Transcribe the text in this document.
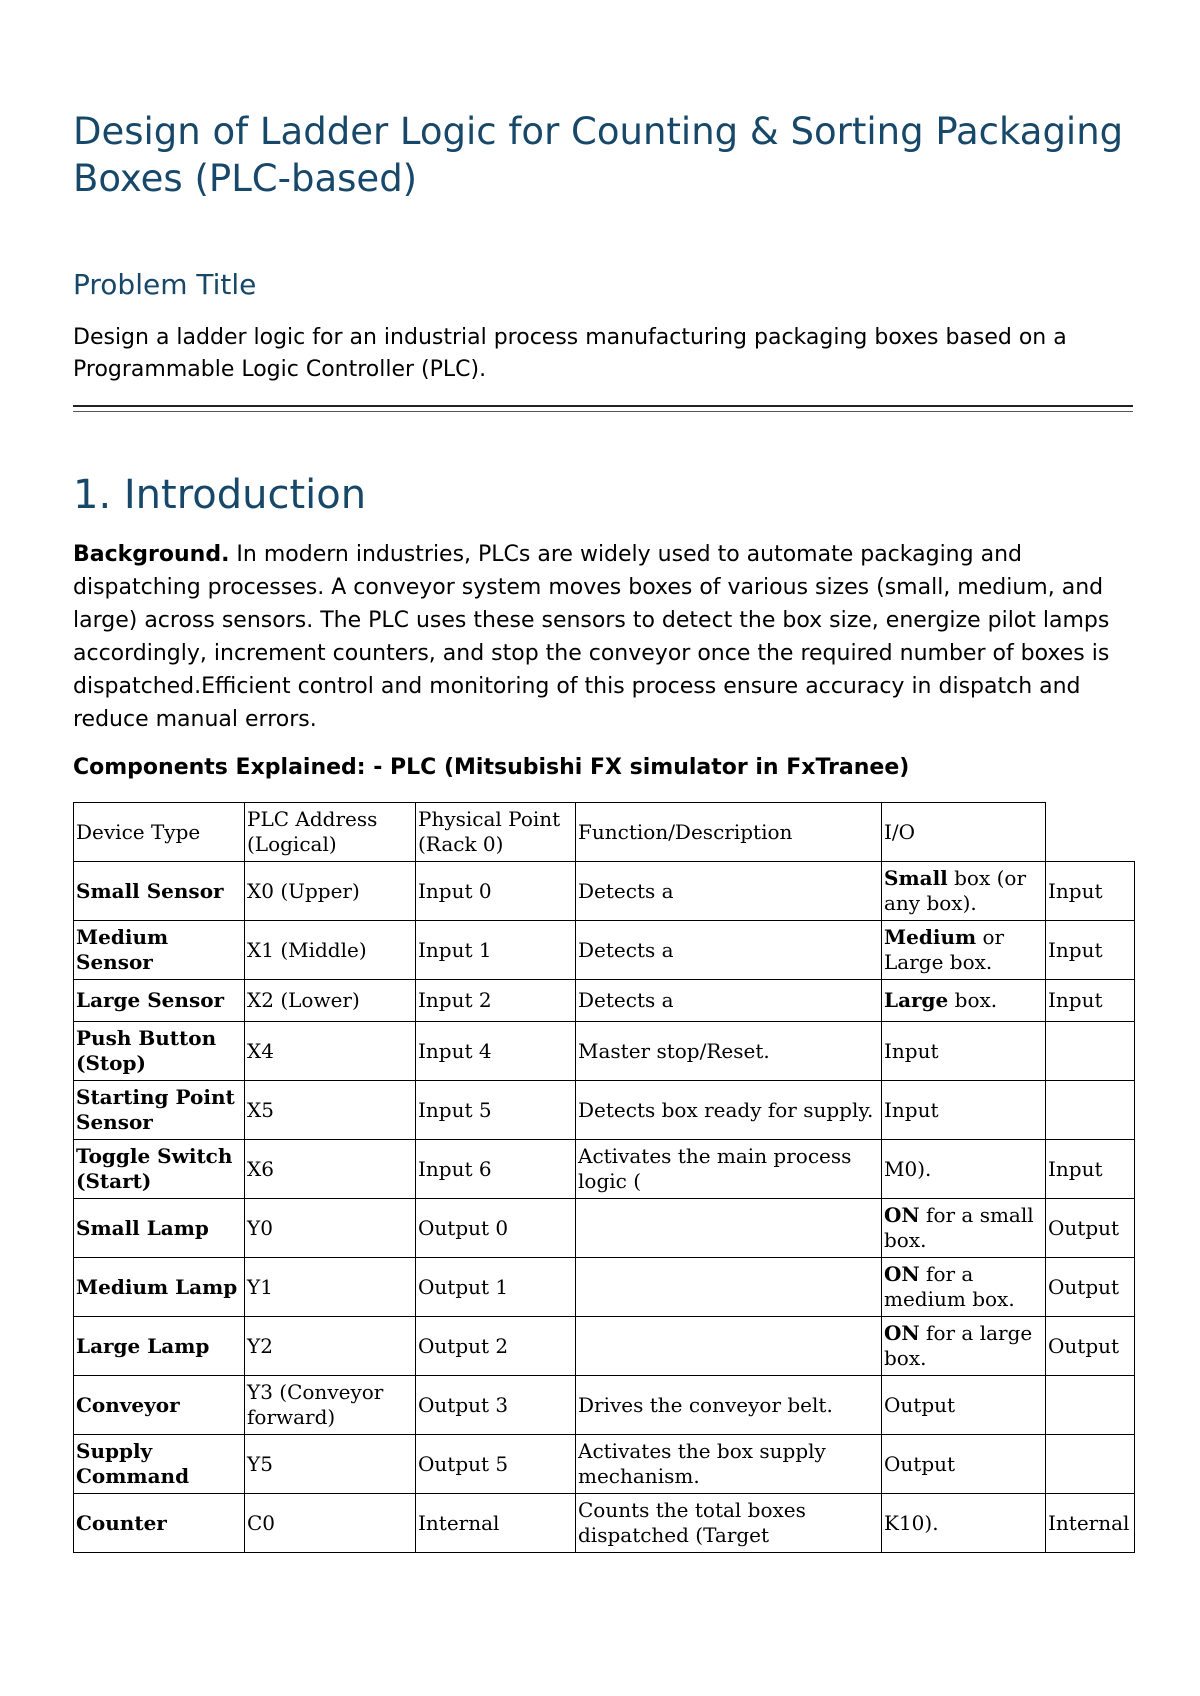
Design of Ladder Logic for Counting & Sorting Packaging Boxes (PLC-based)
Problem Title

Design a ladder logic for an industrial process manufacturing packaging boxes based on a Programmable Logic Controller (PLC).

1. Introduction

Background. In modern industries, PLCs are widely used to automate packaging and dispatching processes. A conveyor system moves boxes of various sizes (small, medium, and large) across sensors. The PLC uses these sensors to detect the box size, energize pilot lamps accordingly, increment counters, and stop the conveyor once the required number of boxes is dispatched.Efficient control and monitoring of this process ensure accuracy in dispatch and reduce manual errors.

Components Explained: - PLC (Mitsubishi FX simulator in FxTranee)

Device Type	PLC Address (Logical)	Physical Point (Rack 0)	Function/Description	I/O	
Small Sensor	X0 (Upper)	Input 0	Detects a	Small box (or any box).	Input
Medium Sensor	X1 (Middle)	Input 1	Detects a	Medium or Large box.	Input
Large Sensor	X2 (Lower)	Input 2	Detects a	Large box.	Input
Push Button (Stop)	X4	Input 4	Master stop/Reset.	Input	
Starting Point Sensor	X5	Input 5	Detects box ready for supply.	Input	
Toggle Switch (Start)	X6	Input 6	Activates the main process logic (	M0).	Input
Small Lamp	Y0	Output 0		ON for a small box.	Output
Medium Lamp	Y1	Output 1		ON for a medium box.	Output
Large Lamp	Y2	Output 2		ON for a large box.	Output
Conveyor	Y3 (Conveyor forward)	Output 3	Drives the conveyor belt.	Output	
Supply Command	Y5	Output 5	Activates the box supply mechanism.	Output	
Counter	C0	Internal	Counts the total boxes dispatched (Target	K10).	Internal
